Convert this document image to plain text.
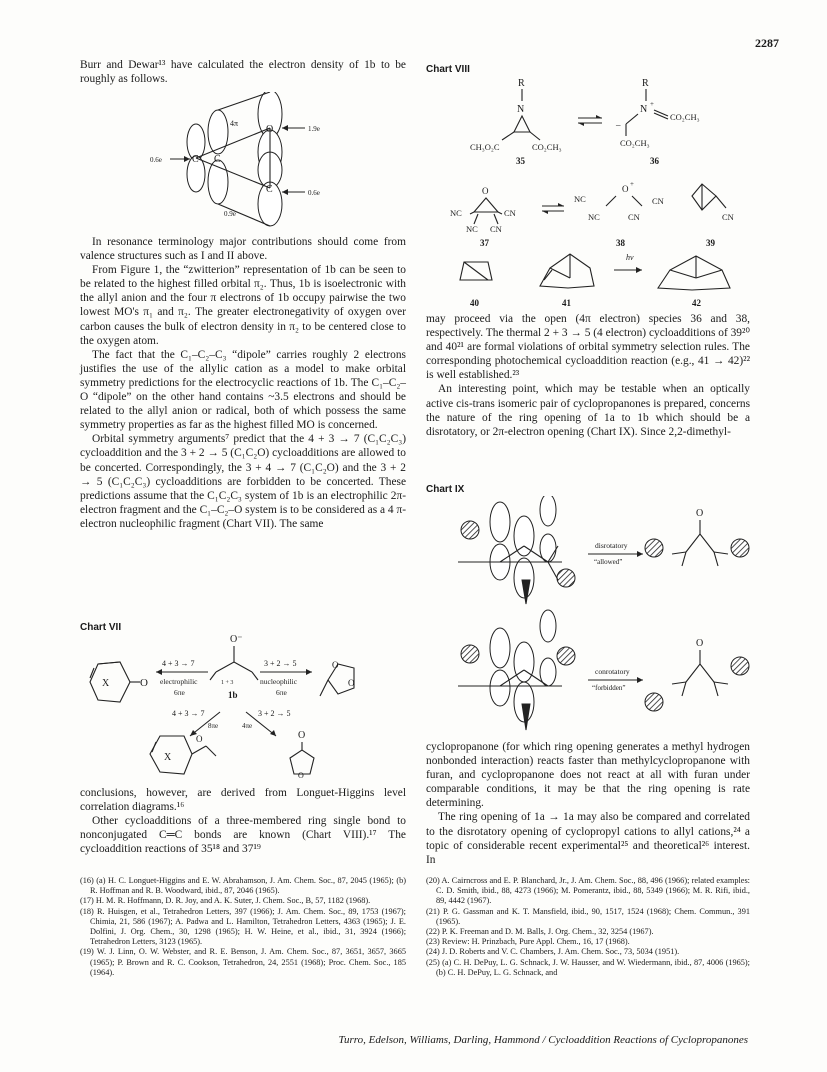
2287

Burr and Dewar¹³ have calculated the electron density of 1b to be roughly as follows.

C C
O
C
4π
1.9e
0.6e
0.6e
0.9e

In resonance terminology major contributions should come from valence structures such as I and II above.

From Figure 1, the “zwitterion” representation of 1b can be seen to be related to the highest filled orbital π₂. Thus, 1b is isoelectronic with the allyl anion and the four π electrons of 1b occupy pairwise the two lowest MO's π₁ and π₂. The greater electronegativity of oxygen over carbon causes the bulk of electron density in π₂ to be centered close to the oxygen atom.

The fact that the C₁–C₂–C₃ “dipole” carries roughly 2 electrons justifies the use of the allylic cation as a model to make orbital symmetry predictions for the electrocyclic reactions of 1b. The C₁–C₂–O “dipole” on the other hand contains ~3.5 electrons and should be related to the allyl anion or radical, both of which possess the same symmetry properties as far as the highest filled MO is concerned.

Orbital symmetry arguments⁷ predict that the 4 + 3 → 7 (C₁C₂C₃) cycloaddition and the 3 + 2 → 5 (C₁C₂O) cycloadditions are allowed to be concerted. Correspondingly, the 3 + 4 → 7 (C₁C₂O) and the 3 + 2 → 5 (C₁C₂C₃) cycloadditions are forbidden to be concerted. These predictions assume that the C₁C₂C₃ system of 1b is an electrophilic 2π-electron fragment and the C₁–C₂–O system is to be considered as a 4 π-electron nucleophilic fragment (Chart VII). The same

Chart VII
O
X
4 + 3 → 7
electrophilic
6πe
O⁻
1 + 3
1b
3 + 2 → 5
nucleophilic
6πe
O
O
4 + 3 → 7
8πe
3 + 2 → 5
4πe
X
O	O
O

conclusions, however, are derived from Longuet-Higgins level correlation diagrams.¹⁶

Other cycloadditions of a three-membered ring single bond to nonconjugated C═C bonds are known (Chart VIII).¹⁷ The cycloaddition reactions of 35¹⁸ and 37¹⁹

Chart VIII
R
N
CH₃O₂C	CO₂CH₃
35
R
N +
–
CO₂CH₃
CO₂CH₃
36
O
NC	CN
NC CN
37
O +
NC	CN
NC	CN
38
CN
39
40	41
hν
42

may proceed via the open (4π electron) species 36 and 38, respectively. The thermal 2 + 3 → 5 (4 electron) cycloadditions of 39²⁰ and 40²¹ are formal violations of orbital symmetry selection rules. The corresponding photochemical cycloaddition reaction (e.g., 41 → 42)²² is well established.²³

An interesting point, which may be testable when an optically active cis-trans isomeric pair of cyclopropanones is prepared, concerns the nature of the ring opening of 1a to 1b which should be a disrotatory, or 2π-electron opening (Chart IX). Since 2,2-dimethyl-

Chart IX
disrotatory
“allowed”
O
conrotatory
“forbidden”
O

cyclopropanone (for which ring opening generates a methyl hydrogen nonbonded interaction) reacts faster than methylcyclopropanone with furan, and cyclopropanone does not react at all with furan under comparable conditions, it may be that the ring opening is rate determining.

The ring opening of 1a → 1a may also be compared and correlated to the disrotatory opening of cyclopropyl cations to allyl cations,²⁴ a topic of considerable recent experimental²⁵ and theoretical²⁶ interest. In

(16) (a) H. C. Longuet-Higgins and E. W. Abrahamson, J. Am. Chem. Soc., 87, 2045 (1965); (b) R. Hoffman and R. B. Woodward, ibid., 87, 2046 (1965).

(17) H. M. R. Hoffmann, D. R. Joy, and A. K. Suter, J. Chem. Soc., B, 57, 1182 (1968).

(18) R. Huisgen, et al., Tetrahedron Letters, 397 (1966); J. Am. Chem. Soc., 89, 1753 (1967); Chimia, 21, 586 (1967); A. Padwa and L. Hamilton, Tetrahedron Letters, 4363 (1965); J. E. Dolfini, J. Org. Chem., 30, 1298 (1965); H. W. Heine, et al., ibid., 31, 3924 (1966); Tetrahedron Letters, 3123 (1965).

(19) W. J. Linn, O. W. Webster, and R. E. Benson, J. Am. Chem. Soc., 87, 3651, 3657, 3665 (1965); P. Brown and R. C. Cookson, Tetrahedron, 24, 2551 (1968); Proc. Chem. Soc., 185 (1964).

(20) A. Cairncross and E. P. Blanchard, Jr., J. Am. Chem. Soc., 88, 496 (1966); related examples: C. D. Smith, ibid., 88, 4273 (1966); M. Pomerantz, ibid., 88, 5349 (1966); M. R. Rifi, ibid., 89, 4442 (1967).

(21) P. G. Gassman and K. T. Mansfield, ibid., 90, 1517, 1524 (1968); Chem. Commun., 391 (1965).

(22) P. K. Freeman and D. M. Balls, J. Org. Chem., 32, 3254 (1967).

(23) Review: H. Prinzbach, Pure Appl. Chem., 16, 17 (1968).

(24) J. D. Roberts and V. C. Chambers, J. Am. Chem. Soc., 73, 5034 (1951).

(25) (a) C. H. DePuy, L. G. Schnack, J. W. Hausser, and W. Wiedermann, ibid., 87, 4006 (1965); (b) C. H. DePuy, L. G. Schnack, and

Turro, Edelson, Williams, Darling, Hammond / Cycloaddition Reactions of Cyclopropanones
